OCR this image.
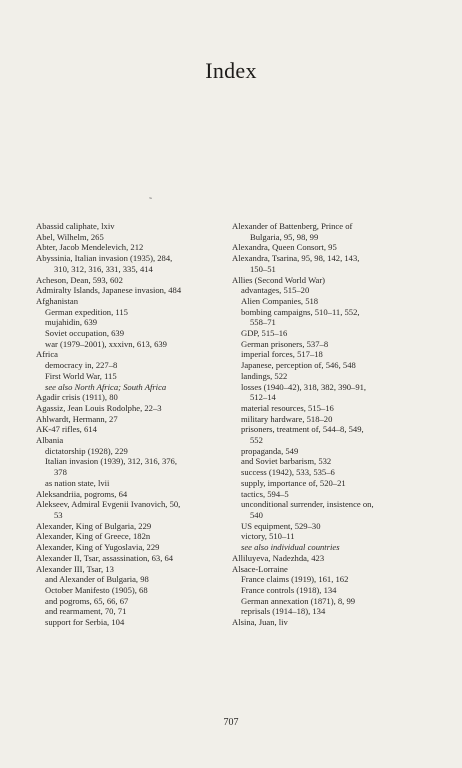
Index
˜
Abassid caliphate, lxiv
Abel, Wilhelm, 265
Abter, Jacob Mendelevich, 212
Abyssinia, Italian invasion (1935), 284,
310, 312, 316, 331, 335, 414
Acheson, Dean, 593, 602
Admiralty Islands, Japanese invasion, 484
Afghanistan
German expedition, 115
mujahidin, 639
Soviet occupation, 639
war (1979–2001), xxxivn, 613, 639
Africa
democracy in, 227–8
First World War, 115
see also North Africa; South Africa
Agadir crisis (1911), 80
Agassiz, Jean Louis Rodolphe, 22–3
Ahlwardt, Hermann, 27
AK-47 rifles, 614
Albania
dictatorship (1928), 229
Italian invasion (1939), 312, 316, 376,
378
as nation state, lvii
Aleksandriia, pogroms, 64
Alekseev, Admiral Evgenii Ivanovich, 50,
53
Alexander, King of Bulgaria, 229
Alexander, King of Greece, 182n
Alexander, King of Yugoslavia, 229
Alexander II, Tsar, assassination, 63, 64
Alexander III, Tsar, 13
and Alexander of Bulgaria, 98
October Manifesto (1905), 68
and pogroms, 65, 66, 67
and rearmament, 70, 71
support for Serbia, 104
Alexander of Battenberg, Prince of
Bulgaria, 95, 98, 99
Alexandra, Queen Consort, 95
Alexandra, Tsarina, 95, 98, 142, 143,
150–51
Allies (Second World War)
advantages, 515–20
Alien Companies, 518
bombing campaigns, 510–11, 552,
558–71
GDP, 515–16
German prisoners, 537–8
imperial forces, 517–18
Japanese, perception of, 546, 548
landings, 522
losses (1940–42), 318, 382, 390–91,
512–14
material resources, 515–16
military hardware, 518–20
prisoners, treatment of, 544–8, 549,
552
propaganda, 549
and Soviet barbarism, 532
success (1942), 533, 535–6
supply, importance of, 520–21
tactics, 594–5
unconditional surrender, insistence on,
540
US equipment, 529–30
victory, 510–11
see also individual countries
Alliluyeva, Nadezhda, 423
Alsace-Lorraine
France claims (1919), 161, 162
France controls (1918), 134
German annexation (1871), 8, 99
reprisals (1914–18), 134
Alsina, Juan, liv
707
